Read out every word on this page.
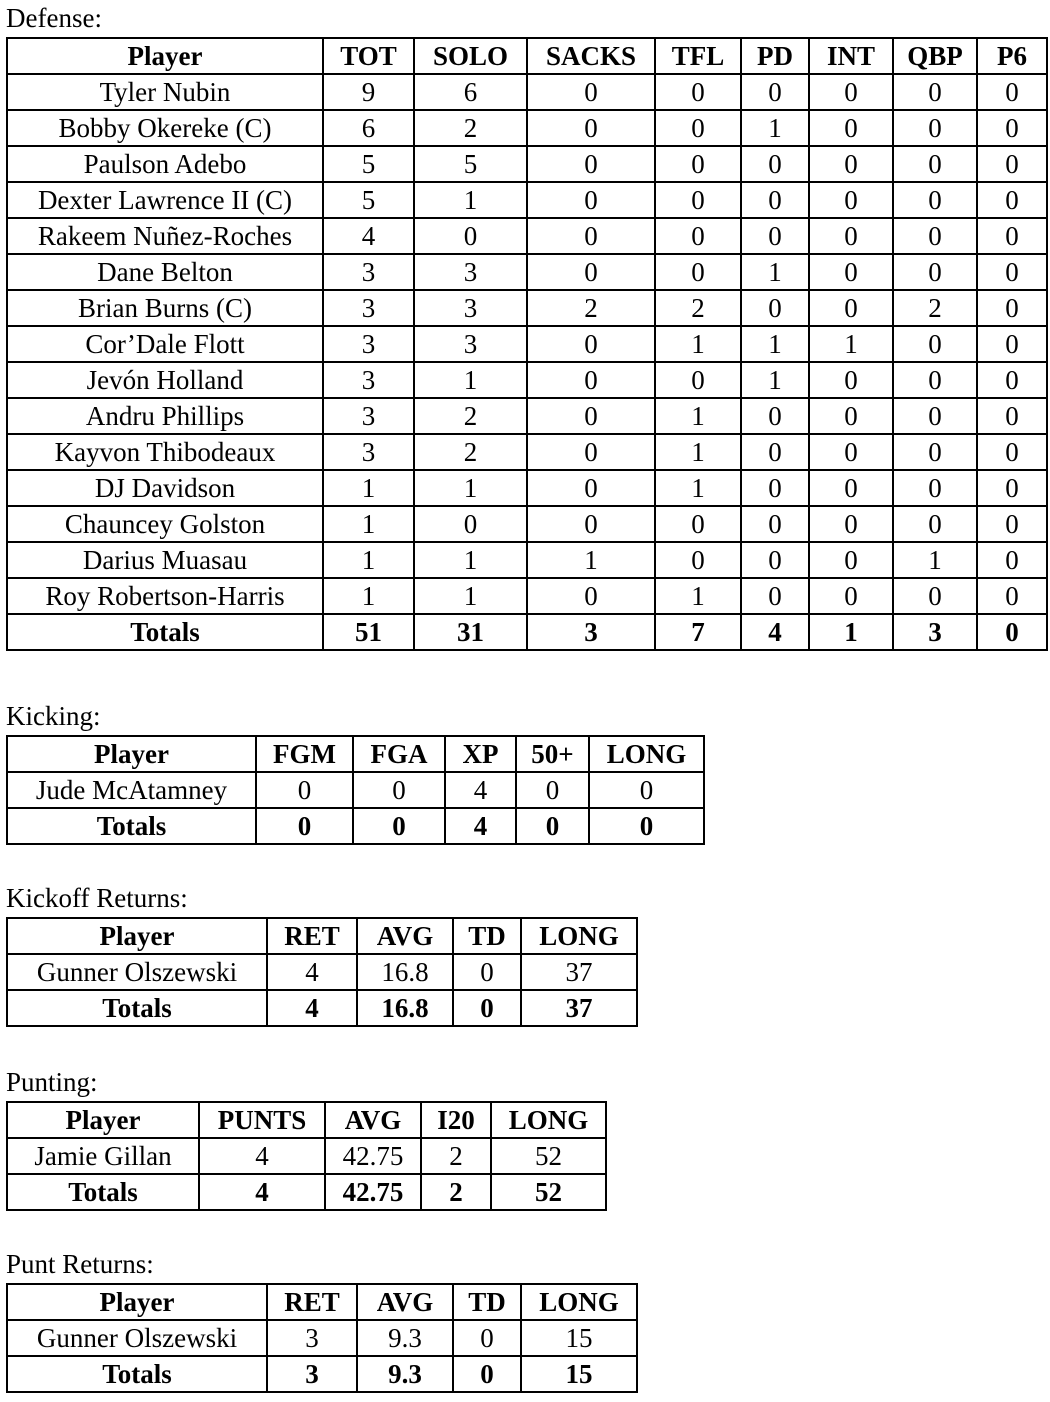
Defense:
Player	TOT	SOLO	SACKS	TFL	PD	INT	QBP	P6
Tyler Nubin	9	6	0	0	0	0	0	0
Bobby Okereke (C)	6	2	0	0	1	0	0	0
Paulson Adebo	5	5	0	0	0	0	0	0
Dexter Lawrence II (C)	5	1	0	0	0	0	0	0
Rakeem Nuñez-Roches	4	0	0	0	0	0	0	0
Dane Belton	3	3	0	0	1	0	0	0
Brian Burns (C)	3	3	2	2	0	0	2	0
Cor’Dale Flott	3	3	0	1	1	1	0	0
Jevón Holland	3	1	0	0	1	0	0	0
Andru Phillips	3	2	0	1	0	0	0	0
Kayvon Thibodeaux	3	2	0	1	0	0	0	0
DJ Davidson	1	1	0	1	0	0	0	0
Chauncey Golston	1	0	0	0	0	0	0	0
Darius Muasau	1	1	1	0	0	0	1	0
Roy Robertson-Harris	1	1	0	1	0	0	0	0
Totals	51	31	3	7	4	1	3	0
Kicking:
Player	FGM	FGA	XP	50+	LONG
Jude McAtamney	0	0	4	0	0
Totals	0	0	4	0	0
Kickoff Returns:
Player	RET	AVG	TD	LONG
Gunner Olszewski	4	16.8	0	37
Totals	4	16.8	0	37
Punting:
Player	PUNTS	AVG	I20	LONG
Jamie Gillan	4	42.75	2	52
Totals	4	42.75	2	52
Punt Returns:
Player	RET	AVG	TD	LONG
Gunner Olszewski	3	9.3	0	15
Totals	3	9.3	0	15
